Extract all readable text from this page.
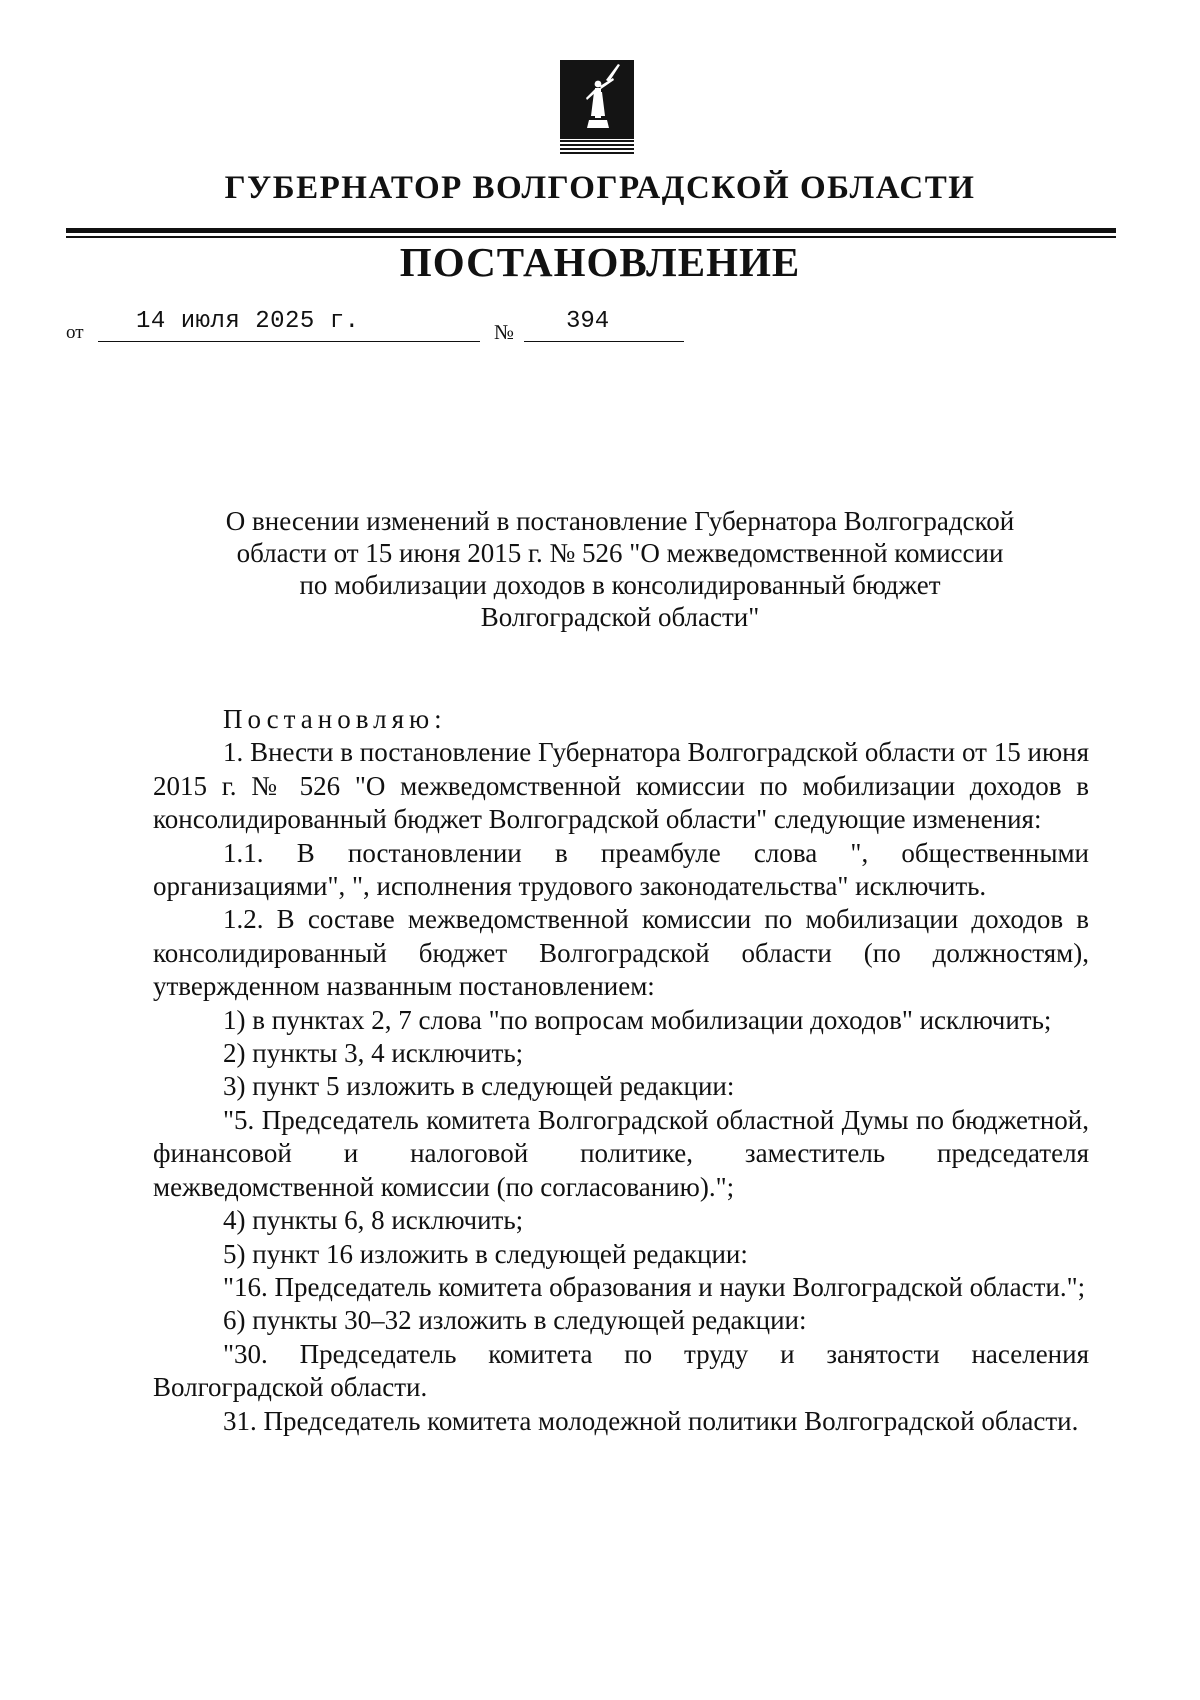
ГУБЕРНАТОР ВОЛГОГРАДСКОЙ ОБЛАСТИ
ПОСТАНОВЛЕНИЕ
от 14 июля 2025 г.	№ 394
О внесении изменений в постановление Губернатора Волгоградской
области от 15 июня 2015 г. № 526 "О межведомственной комиссии
по мобилизации доходов в консолидированный бюджет
Волгоградской области"

Постановляю:

1. Внести в постановление Губернатора Волгоградской области от 15 июня 2015 г. № 526 "О межведомственной комиссии по мобилизации доходов в консолидированный бюджет Волгоградской области" следующие изменения:

1.1. В постановлении в преамбуле слова ", общественными организациями", ", исполнения трудового законодательства" исключить.

1.2. В составе межведомственной комиссии по мобилизации доходов в консолидированный бюджет Волгоградской области (по должностям), утвержденном названным постановлением:

1) в пунктах 2, 7 слова "по вопросам мобилизации доходов" исключить;

2) пункты 3, 4 исключить;

3) пункт 5 изложить в следующей редакции:

"5. Председатель комитета Волгоградской областной Думы по бюджетной, финансовой и налоговой политике, заместитель председателя межведомственной комиссии (по согласованию).";

4) пункты 6, 8 исключить;

5) пункт 16 изложить в следующей редакции:

"16. Председатель комитета образования и науки Волгоградской области.";

6) пункты 30–32 изложить в следующей редакции:

"30. Председатель комитета по труду и занятости населения Волгоградской области.

31. Председатель комитета молодежной политики Волгоградской области.
